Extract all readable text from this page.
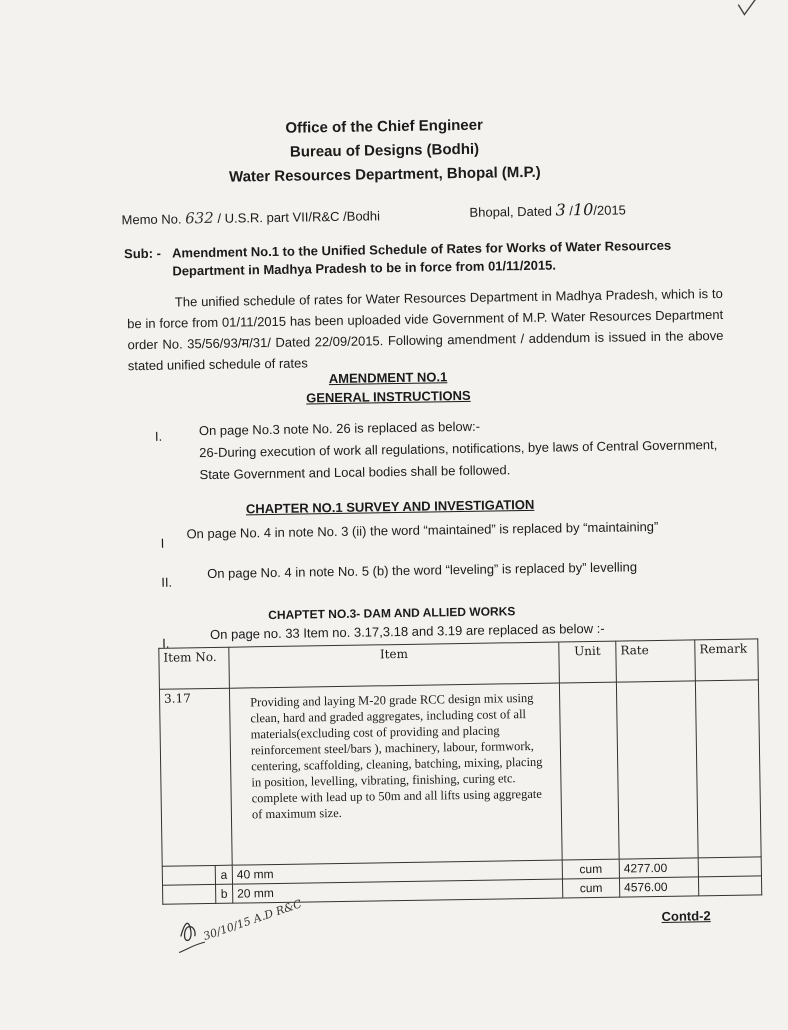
Office of the Chief Engineer
Bureau of Designs (Bodhi)
Water Resources Department, Bhopal (M.P.)
Memo No. 632 / U.S.R. part VII/R&C /Bodhi	Bhopal, Dated 3 /10/2015
Sub: - Amendment No.1 to the Unified Schedule of Rates for Works of Water Resources
Department in Madhya Pradesh to be in force from 01/11/2015.
The unified schedule of rates for Water Resources Department in Madhya Pradesh, which is to be in force from 01/11/2015 has been uploaded vide Government of M.P. Water Resources Department order No. 35/56/93/म/31/ Dated 22/09/2015. Following amendment / addendum is issued in the above stated unified schedule of rates
AMENDMENT NO.1
GENERAL INSTRUCTIONS
I.	On page No.3 note No. 26 is replaced as below:-
26-During execution of work all regulations, notifications, bye laws of Central Government, State Government and Local bodies shall be followed.
CHAPTER NO.1 SURVEY AND INVESTIGATION
I
On page No. 4 in note No. 3 (ii) the word “maintained” is replaced by “maintaining”
II.
On page No. 4 in note No. 5 (b) the word “leveling” is replaced by” levelling
CHAPTET NO.3- DAM AND ALLIED WORKS
I.
On page no. 33 Item no. 3.17,3.18 and 3.19 are replaced as below :-
Item No.		Item	Unit	Rate	Remark
3.17		Providing and laying M-20 grade RCC design mix using clean, hard and graded aggregates, including cost of all materials(excluding cost of providing and placing reinforcement steel/bars ), machinery, labour, formwork, centering, scaffolding, cleaning, batching, mixing, placing in position, levelling, vibrating, finishing, curing etc. complete with lead up to 50m and all lifts using aggregate of maximum size.			
	a	40 mm	cum	4277.00	
	b	20 mm	cum	4576.00	
Contd-2
30/10/15 A.D R&C
